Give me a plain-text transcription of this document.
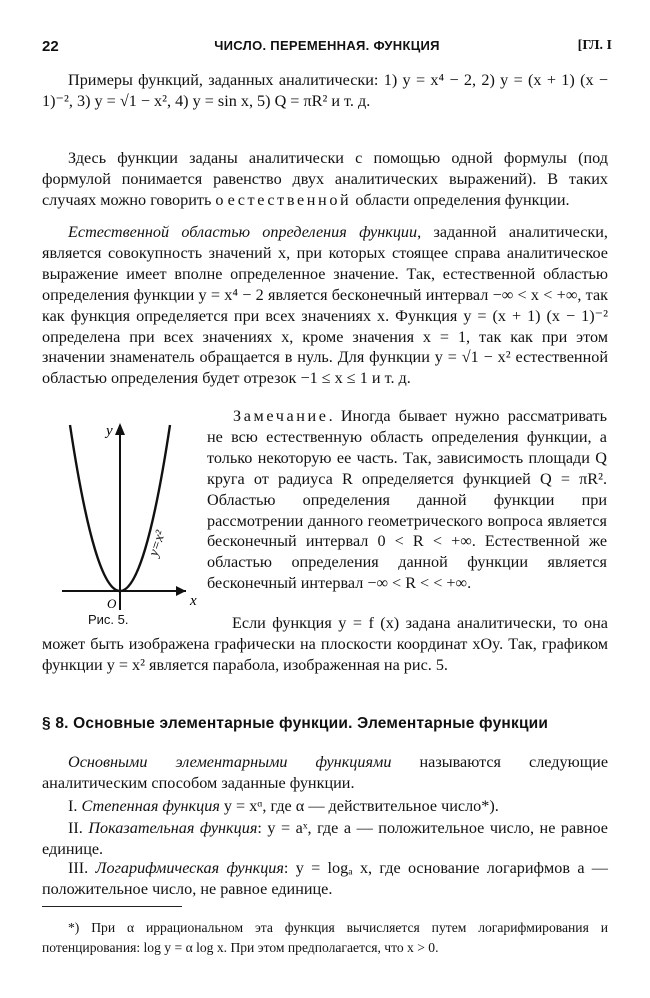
22	ЧИСЛО. ПЕРЕМЕННАЯ. ФУНКЦИЯ	[ГЛ. I

Примеры функций, заданных аналитически: 1) y = x⁴ − 2, 2) y = (x + 1) (x − 1)⁻², 3) y = √1 − x², 4) y = sin x, 5) Q = πR² и т. д.

Здесь функции заданы аналитически с помощью одной формулы (под формулой понимается равенство двух аналитических выражений). В таких случаях можно говорить о естественной области определения функции.

Естественной областью определения функции, заданной аналитически, является совокупность значений x, при которых стоящее справа аналитическое выражение имеет вполне определенное значение. Так, естественной областью определения функции y = x⁴ − 2 является бесконечный интервал −∞ < x < +∞, так как функция определяется при всех значениях x. Функция y = (x + 1) (x − 1)⁻² определена при всех значениях x, кроме значения x = 1, так как при этом значении знаменатель обращается в нуль. Для функции y = √1 − x² естественной областью определения будет отрезок −1 ≤ x ≤ 1 и т. д.

y
x
O
y=x²
Рис. 5.

Замечание. Иногда бывает нужно рассматривать не всю естественную область определения функции, а только некоторую ее часть. Так, зависимость площади Q круга от радиуса R определяется функцией Q = πR². Областью определения данной функции при рассмотрении данного геометрического вопроса является бесконечный интервал 0 < R < +∞. Естественной же областью определения данной функции является бесконечный интервал −∞ < R < < +∞.

Если функция y = f (x) задана аналитически, то она может быть изображена графически на плоскости координат xOy. Так, графиком функции y = x² является парабола, изображенная на рис. 5.

§ 8. Основные элементарные функции. Элементарные функции

Основными элементарными функциями называются следующие аналитическим способом заданные функции.

I. Степенная функция y = xᵅ, где α — действительное число*).

II. Показательная функция: y = aˣ, где a — положительное число, не равное единице.

III. Логарифмическая функция: y = logₐ x, где основание логарифмов a — положительное число, не равное единице.

*) При α иррациональном эта функция вычисляется путем логарифмирования и потенцирования: log y = α log x. При этом предполагается, что x > 0.
